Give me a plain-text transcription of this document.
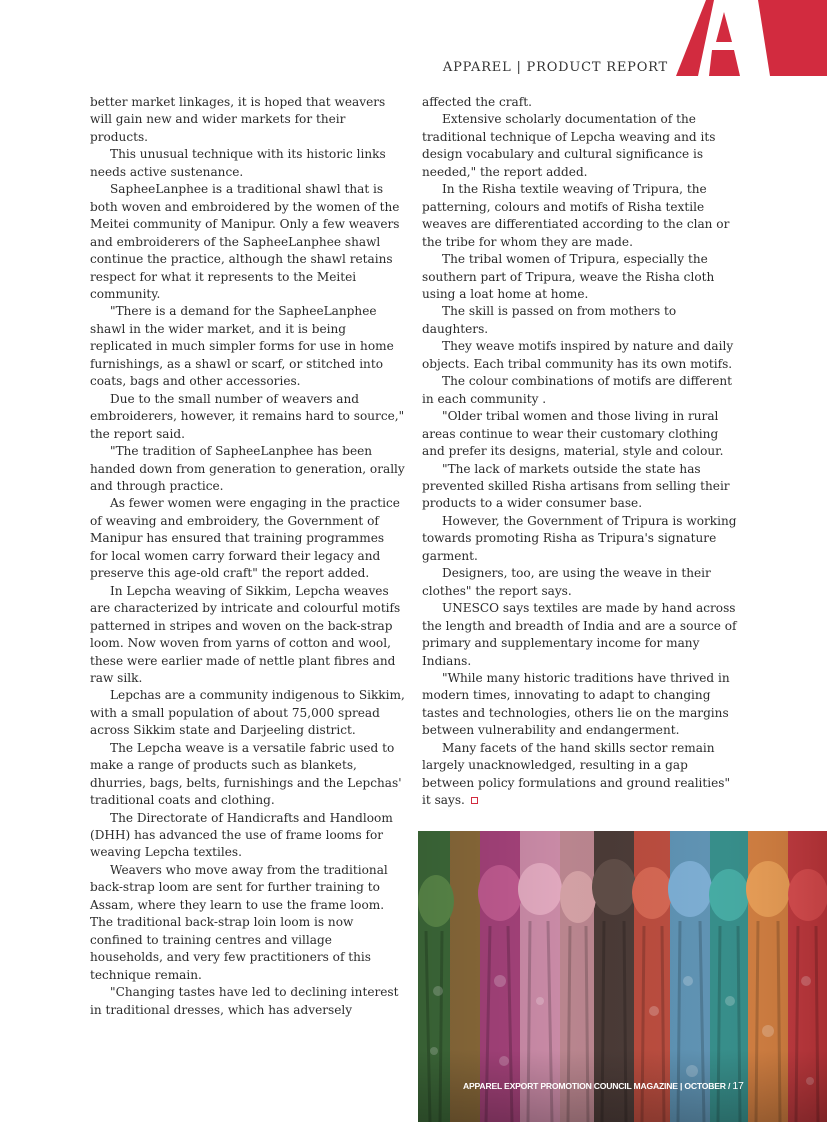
APPAREL | PRODUCT REPORT

better market linkages, it is hoped that weavers will gain new and wider markets for their products.

This unusual technique with its historic links needs active sustenance.

SapheeLanphee is a traditional shawl that is both woven and embroidered by the women of the Meitei community of Manipur. Only a few weavers and embroiderers of the SapheeLanphee shawl continue the practice, although the shawl retains respect for what it represents to the Meitei community.

"There is a demand for the SapheeLanphee shawl in the wider market, and it is being replicated in much simpler forms for use in home furnishings, as a shawl or scarf, or stitched into coats, bags and other accessories.

Due to the small number of weavers and embroiderers, however, it remains hard to source," the report said.

"The tradition of SapheeLanphee has been handed down from generation to generation, orally and through practice.

As fewer women were engaging in the practice of weaving and embroidery, the Government of Manipur has ensured that training programmes for local women carry forward their legacy and preserve this age-old craft" the report added.

In Lepcha weaving of Sikkim, Lepcha weaves are characterized by intricate and colourful motifs patterned in stripes and woven on the back-strap loom. Now woven from yarns of cotton and wool, these were earlier made of nettle plant fibres and raw silk.

Lepchas are a community indigenous to Sikkim, with a small population of about 75,000 spread across Sikkim state and Darjeeling district.

The Lepcha weave is a versatile fabric used to make a range of products such as blankets, dhurries, bags, belts, furnishings and the Lepchas' traditional coats and clothing.

The Directorate of Handicrafts and Handloom (DHH) has advanced the use of frame looms for weaving Lepcha textiles.

Weavers who move away from the traditional back-strap loom are sent for further training to Assam, where they learn to use the frame loom. The traditional back-strap loin loom is now confined to training centres and village households, and very few practitioners of this technique remain.

"Changing tastes have led to declining interest in traditional dresses, which has adversely

affected the craft.

Extensive scholarly documentation of the traditional technique of Lepcha weaving and its design vocabulary and cultural significance is needed," the report added.

In the Risha textile weaving of Tripura, the patterning, colours and motifs of Risha textile weaves are differentiated according to the clan or the tribe for whom they are made.

The tribal women of Tripura, especially the southern part of Tripura, weave the Risha cloth using a loat home at home.

The skill is passed on from mothers to daughters.

They weave motifs inspired by nature and daily objects. Each tribal community has its own motifs.

The colour combinations of motifs are different in each community .

"Older tribal women and those living in rural areas continue to wear their customary clothing and prefer its designs, material, style and colour.

"The lack of markets outside the state has prevented skilled Risha artisans from selling their products to a wider consumer base.

However, the Government of Tripura is working towards promoting Risha as Tripura's signature garment.

Designers, too, are using the weave in their clothes" the report says.

UNESCO says textiles are made by hand across the length and breadth of India and are a source of primary and supplementary income for many Indians.

"While many historic traditions have thrived in modern times, innovating to adapt to changing tastes and technologies, others lie on the margins between vulnerability and endangerment.

Many facets of the hand skills sector remain largely unacknowledged, resulting in a gap between policy formulations and ground realities" it says.

APPAREL EXPORT PROMOTION COUNCIL MAGAZINE | OCTOBER / 17
